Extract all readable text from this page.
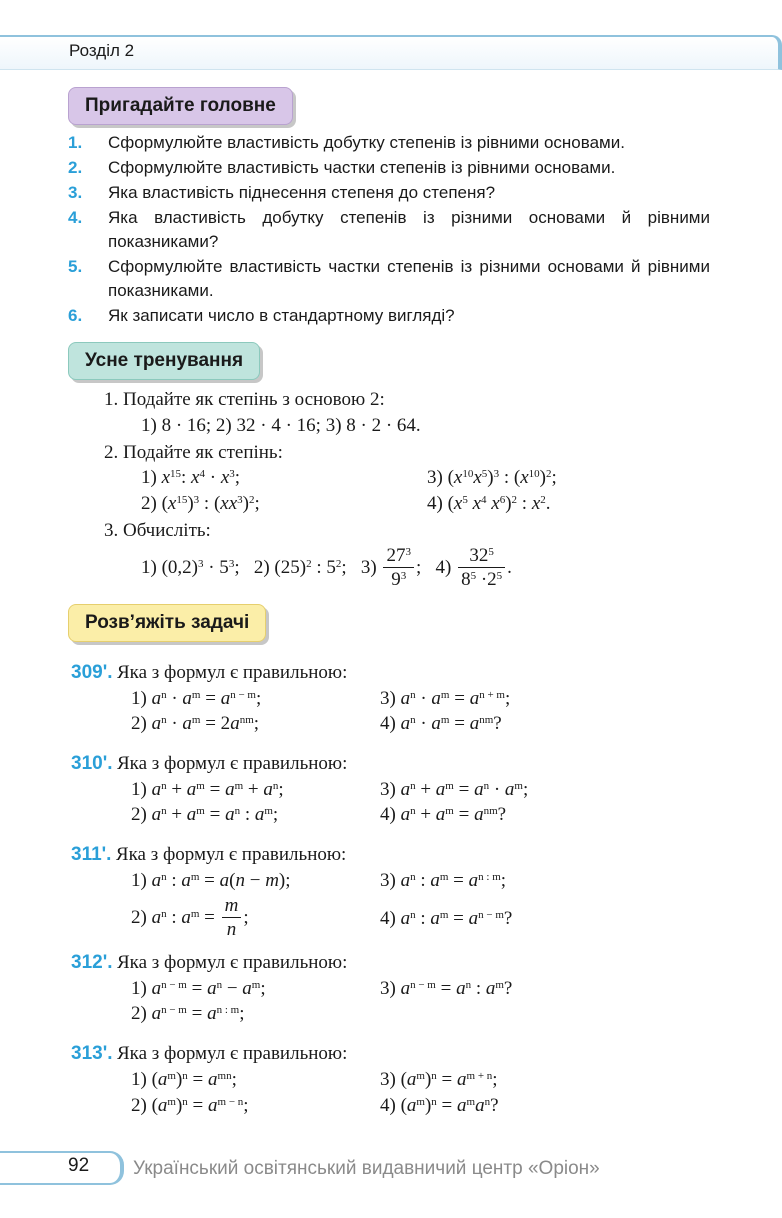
Розділ 2
Пригадайте головне
1. Сформулюйте властивість добутку степенів із рівними основами.
2. Сформулюйте властивість частки степенів із рівними основами.
3. Яка властивість піднесення степеня до степеня?
4. Яка властивість добутку степенів із різними основами й рівними показниками?
5. Сформулюйте властивість частки степенів із різними основами й рівними показниками.
6. Як записати число в стандартному вигляді?
Усне тренування
1. Подайте як степінь з основою 2:
1) 8 · 16; 2) 32 · 4 · 16; 3) 8 · 2 · 64.
2. Подайте як степінь:
1) $x^{15}$: $x^4 \cdot x^3$;	3) $(x^{10}x^5)^3$ : $(x^{10})^2$;
2) $(x^{15})^3$ : $(xx^3)^2$;	4) ($x^5$ $x^4$ $x^6)^2$ : $x^2$.
3. Обчисліть:
1) $(0,2)^3 \cdot 5^3$;   2) $(25)^2$ : $5^2$;   $3) \frac{27^3}{9^3}$ ;   $4) \frac{32^5}{8^5 \cdot 2^5}$ .
Розв’яжіть задачі
309'. Яка з формул є правильною:
1) $a^n \cdot a^m = a^{n - m}$;	3) $a^n \cdot a^m = a^{n + m}$;
2) $a^n \cdot a^m = 2a^{nm}$;	4) $a^n \cdot a^m = a^{nm}$?
310'. Яка з формул є правильною:
1) $a^n + a^m = a^m + a^n$;	3) $a^n + a^m = a^n \cdot a^m$;
2) $a^n + a^m = a^n$ : $a^m$;	4) $a^n + a^m = a^{nm}$?
311'. Яка з формул є правильною:
1) $a^n$ : $a^m = a(n - m)$;	3) $a^n$ : $a^m = a^{n : m}$;
2) $a^n$ : $a^m = \frac{m}{n}$ ;	4) $a^n$ : $a^m = a^{n - m}$?
312'. Яка з формул є правильною:
1) $a^{n - m} = a^n - a^m$;	3) $a^{n - m} = a^n$ : $a^m$?
2) $a^{n - m} = a^{n : m}$;
313'. Яка з формул є правильною:
1) $(a^m)^n = a^{mn}$;	3) $(a^m)^n = a^{m + n}$;
2) $(a^m)^n = a^{m - n}$;	4) $(a^m)^n = a^ma^n$?
92 Український освітянський видавничий центр «Оріон»
